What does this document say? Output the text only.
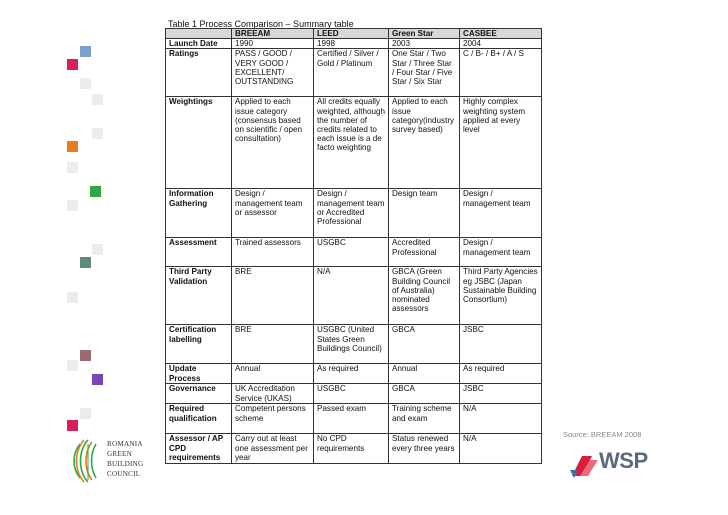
Table 1 Process Comparison – Summary table
	BREEAM	LEED	Green Star	CASBEE
Launch Date	1990	1998	2003	2004
Ratings	PASS / GOOD / VERY GOOD / EXCELLENT/ OUTSTANDING	Certified / Silver / Gold / Platinum	One Star / Two Star / Three Star / Four Star / Five Star / Six Star	C / B- / B+ / A / S
Weightings	Applied to each issue category (consensus based on scientific / open consultation)	All credits equally weighted, although the number of credits related to each issue is a de facto weighting	Applied to each issue category(industry survey based)	Highly complex weighting system applied at every level
Information Gathering	Design / management team or assessor	Design / management team or Accredited Professional	Design team	Design / management team
Assessment	Trained assessors	USGBC	Accredited Professional	Design / management team
Third Party Validation	BRE	N/A	GBCA (Green Building Council of Australia) nominated assessors	Third Party Agencies eg JSBC (Japan Sustainable Building Consortium)
Certification labelling	BRE	USGBC (United States Green Buildings Council)	GBCA	JSBC
Update Process	Annual	As required	Annual	As required
Governance	UK Accreditation Service (UKAS)	USGBC	GBCA	JSBC
Required qualification	Competent persons scheme	Passed exam	Training scheme and exam	N/A
Assessor / AP CPD requirements	Carry out at least one assessment per year	No CPD requirements	Status renewed every three years	N/A
ROMANIA
GREEN
BUILDING
COUNCIL
Source: BREEAM 2008
WSP
